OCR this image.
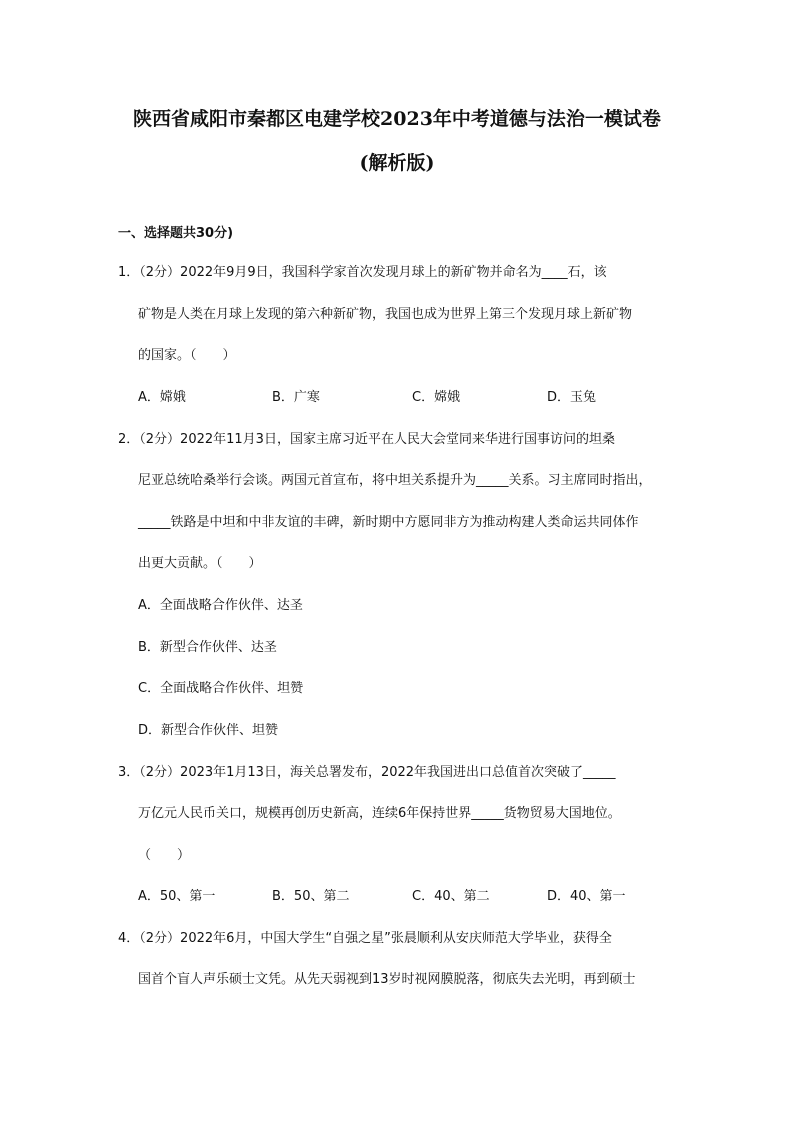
陕西省咸阳市秦都区电建学校2023年中考道德与法治一模试卷
(解析版)
一、选择题共30分)
1．（2分）2022年9月9日，我国科学家首次发现月球上的新矿物并命名为____石，该
矿物是人类在月球上发现的第六种新矿物，我国也成为世界上第三个发现月球上新矿物
的国家。（　　）
A．嫦娥	B．广寒	C．嫦娥	D．玉兔
2．（2分）2022年11月3日，国家主席习近平在人民大会堂同来华进行国事访问的坦桑
尼亚总统哈桑举行会谈。两国元首宣布，将中坦关系提升为_____关系。习主席同时指出，
_____铁路是中坦和中非友谊的丰碑，新时期中方愿同非方为推动构建人类命运共同体作
出更大贡献。（　　）
A．全面战略合作伙伴、达圣
B．新型合作伙伴、达圣
C．全面战略合作伙伴、坦赞
D．新型合作伙伴、坦赞
3．（2分）2023年1月13日，海关总署发布，2022年我国进出口总值首次突破了_____
万亿元人民币关口，规模再创历史新高，连续6年保持世界_____货物贸易大国地位。
（　　）
A．50、第一	B．50、第二	C．40、第二	D．40、第一
4．（2分）2022年6月，中国大学生“自强之星”张晨顺利从安庆师范大学毕业，获得全
国首个盲人声乐硕士文凭。从先天弱视到13岁时视网膜脱落，彻底失去光明，再到硕士
